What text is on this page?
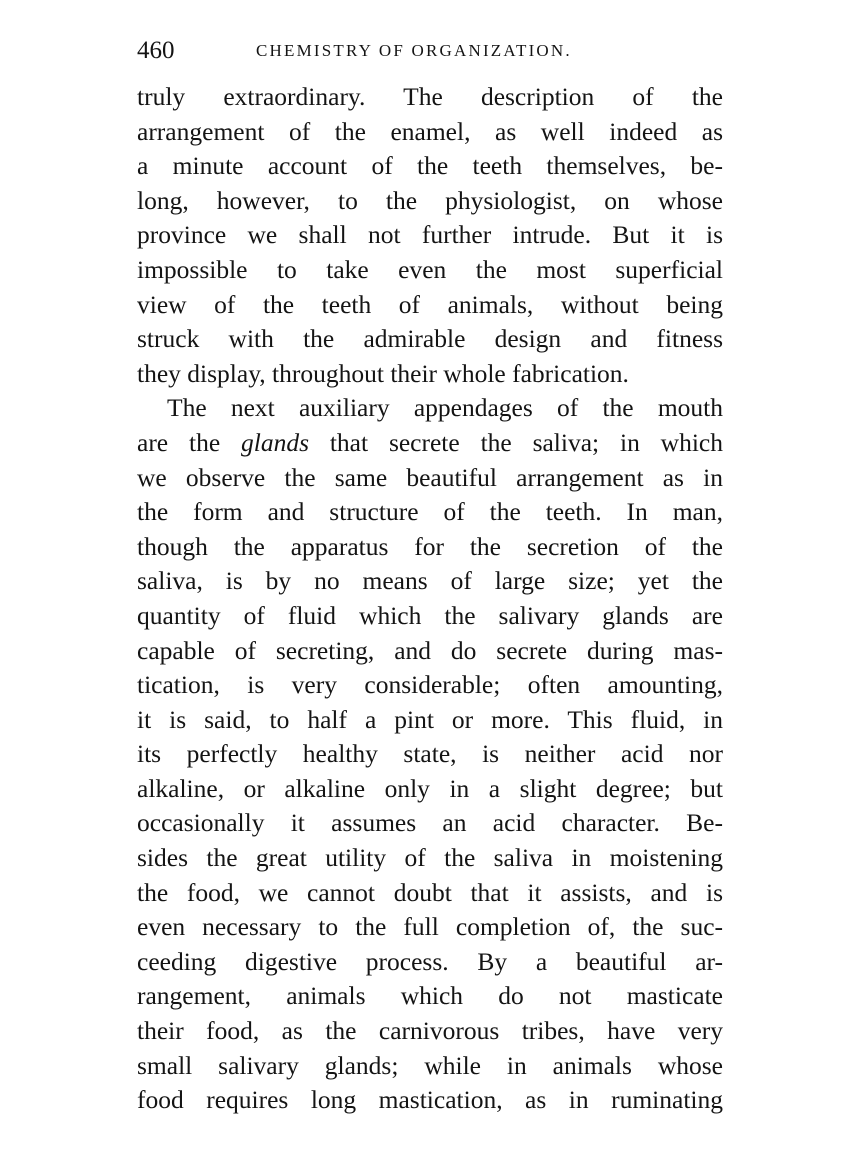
460	CHEMISTRY OF ORGANIZATION.
truly extraordinary. The description of the
arrangement of the enamel, as well indeed as
a minute account of the teeth themselves, be-
long, however, to the physiologist, on whose
province we shall not further intrude. But it is
impossible to take even the most superficial
view of the teeth of animals, without being
struck with the admirable design and fitness
they display, throughout their whole fabrication.
The next auxiliary appendages of the mouth
are the glands that secrete the saliva; in which
we observe the same beautiful arrangement as in
the form and structure of the teeth. In man,
though the apparatus for the secretion of the
saliva, is by no means of large size; yet the
quantity of fluid which the salivary glands are
capable of secreting, and do secrete during mas-
tication, is very considerable; often amounting,
it is said, to half a pint or more. This fluid, in
its perfectly healthy state, is neither acid nor
alkaline, or alkaline only in a slight degree; but
occasionally it assumes an acid character. Be-
sides the great utility of the saliva in moistening
the food, we cannot doubt that it assists, and is
even necessary to the full completion of, the suc-
ceeding digestive process. By a beautiful ar-
rangement, animals which do not masticate
their food, as the carnivorous tribes, have very
small salivary glands; while in animals whose
food requires long mastication, as in ruminating
